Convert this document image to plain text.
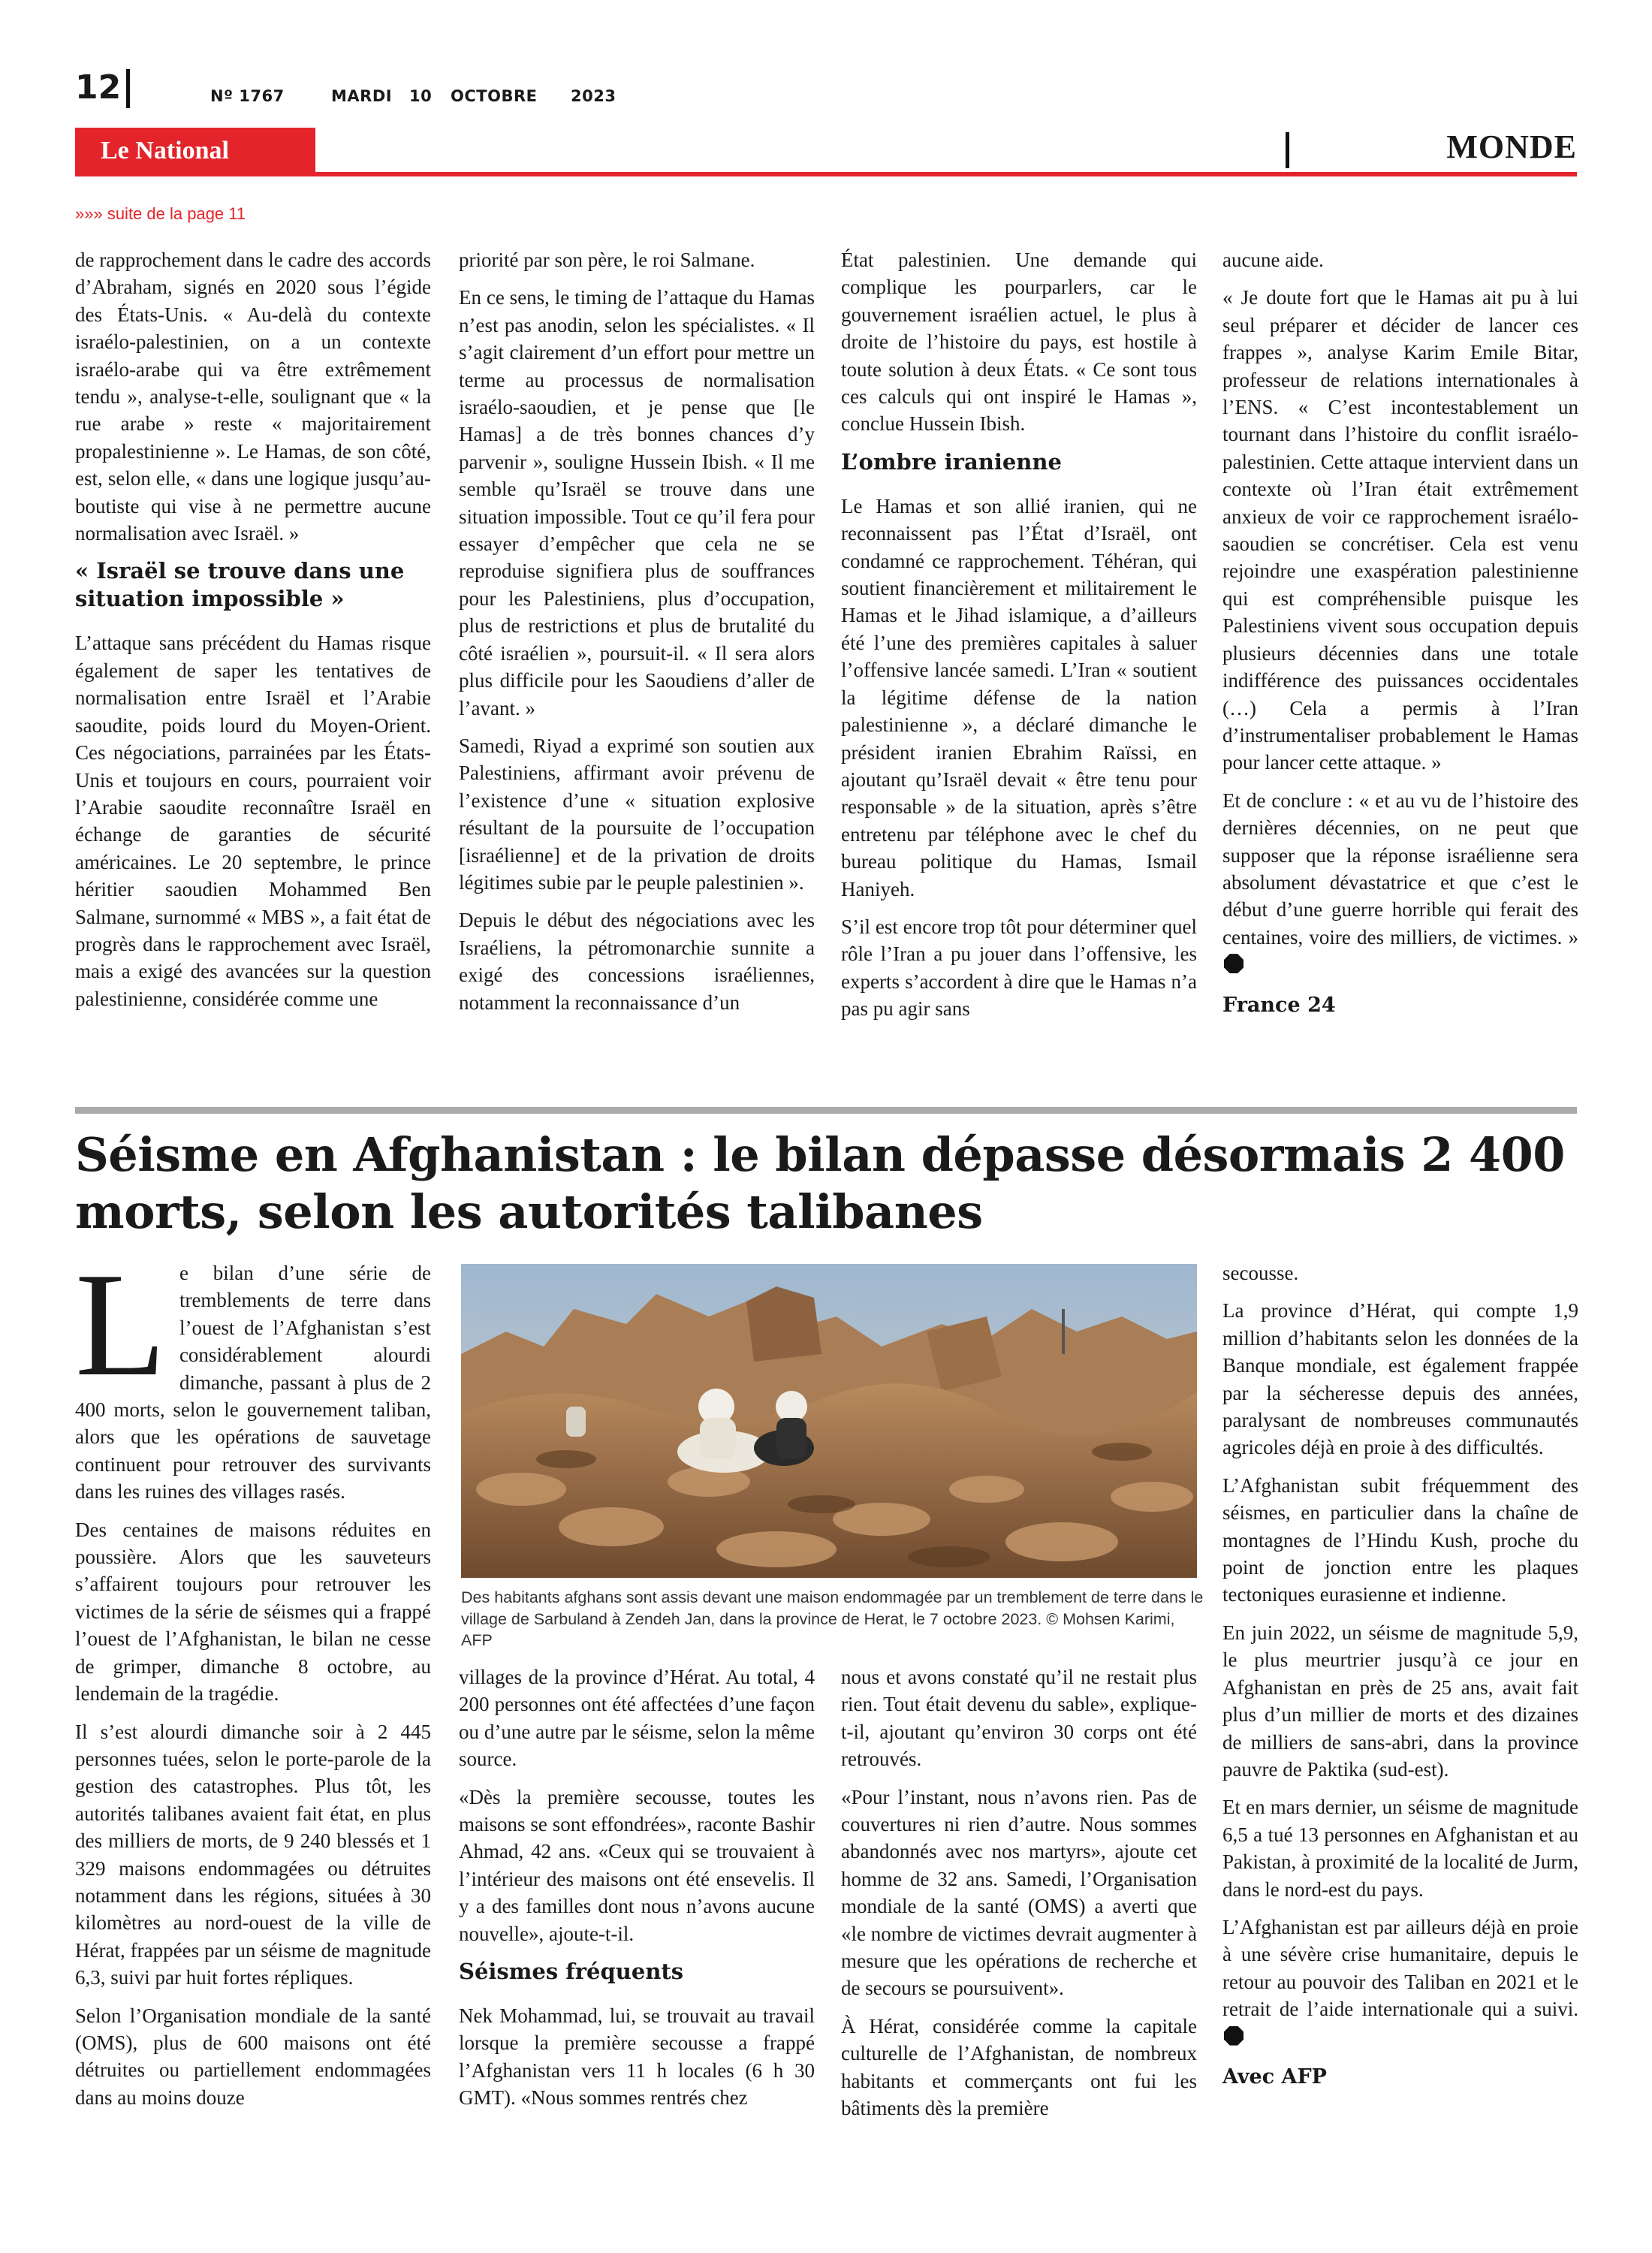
12	Nº 1767	MARDI 10 OCTOBRE 2023
Le National	MONDE
»»» suite de la page 11

de rapprochement dans le cadre des accords d’Abraham, signés en 2020 sous l’égide des États-Unis. « Au-delà du contexte israélo-palestinien, on a un contexte israélo-arabe qui va être extrêmement tendu », analyse-t-elle, soulignant que « la rue arabe » reste « majoritairement propalestinienne ». Le Hamas, de son côté, est, selon elle, « dans une logique jusqu’au-boutiste qui vise à ne permettre aucune normalisation avec Israël. »

« Israël se trouve dans une situation impossible »

L’attaque sans précédent du Hamas risque également de saper les tentatives de normalisation entre Israël et l’Arabie saoudite, poids lourd du Moyen-Orient. Ces négociations, parrainées par les États-Unis et toujours en cours, pourraient voir l’Arabie saoudite reconnaître Israël en échange de garanties de sécurité américaines. Le 20 septembre, le prince héritier saoudien Mohammed Ben Salmane, surnommé « MBS », a fait état de progrès dans le rapprochement avec Israël, mais a exigé des avancées sur la question palestinienne, considérée comme une

priorité par son père, le roi Salmane.

En ce sens, le timing de l’attaque du Hamas n’est pas anodin, selon les spécialistes. « Il s’agit clairement d’un effort pour mettre un terme au processus de normalisation israélo-saoudien, et je pense que [le Hamas] a de très bonnes chances d’y parvenir », souligne Hussein Ibish. « Il me semble qu’Israël se trouve dans une situation impossible. Tout ce qu’il fera pour essayer d’empêcher que cela ne se reproduise signifiera plus de souffrances pour les Palestiniens, plus d’occupation, plus de restrictions et plus de brutalité du côté israélien », poursuit-il. « Il sera alors plus difficile pour les Saoudiens d’aller de l’avant. »

Samedi, Riyad a exprimé son soutien aux Palestiniens, affirmant avoir prévenu de l’existence d’une « situation explosive résultant de la poursuite de l’occupation [israélienne] et de la privation de droits légitimes subie par le peuple palestinien ».

Depuis le début des négociations avec les Israéliens, la pétromonarchie sunnite a exigé des concessions israéliennes, notamment la reconnaissance d’un

État palestinien. Une demande qui complique les pourparlers, car le gouvernement israélien actuel, le plus à droite de l’histoire du pays, est hostile à toute solution à deux États. « Ce sont tous ces calculs qui ont inspiré le Hamas », conclue Hussein Ibish.

L’ombre iranienne

Le Hamas et son allié iranien, qui ne reconnaissent pas l’État d’Israël, ont condamné ce rapprochement. Téhéran, qui soutient financièrement et militairement le Hamas et le Jihad islamique, a d’ailleurs été l’une des premières capitales à saluer l’offensive lancée samedi. L’Iran « soutient la légitime défense de la nation palestinienne », a déclaré dimanche le président iranien Ebrahim Raïssi, en ajoutant qu’Israël devait « être tenu pour responsable » de la situation, après s’être entretenu par téléphone avec le chef du bureau politique du Hamas, Ismail Haniyeh.

S’il est encore trop tôt pour déterminer quel rôle l’Iran a pu jouer dans l’offensive, les experts s’accordent à dire que le Hamas n’a pas pu agir sans

aucune aide.

« Je doute fort que le Hamas ait pu à lui seul préparer et décider de lancer ces frappes », analyse Karim Emile Bitar, professeur de relations internationales à l’ENS. « C’est incontestablement un tournant dans l’histoire du conflit israélo-palestinien. Cette attaque intervient dans un contexte où l’Iran était extrêmement anxieux de voir ce rapprochement israélo-saoudien se concrétiser. Cela est venu rejoindre une exaspération palestinienne qui est compréhensible puisque les Palestiniens vivent sous occupation depuis plusieurs décennies dans une totale indifférence des puissances occidentales (…) Cela a permis à l’Iran d’instrumentaliser probablement le Hamas pour lancer cette attaque. »

Et de conclure : « et au vu de l’histoire des dernières décennies, on ne peut que supposer que la réponse israélienne sera absolument dévastatrice et que c’est le début d’une guerre horrible qui ferait des centaines, voire des milliers, de victimes. »

France 24
Séisme en Afghanistan : le bilan dépasse désormais 2 400 morts, selon les autorités talibanes

Le bilan d’une série de tremblements de terre dans l’ouest de l’Afghanistan s’est considérablement alourdi dimanche, passant à plus de 2 400 morts, selon le gouvernement taliban, alors que les opérations de sauvetage continuent pour retrouver des survivants dans les ruines des villages rasés.

Des centaines de maisons réduites en poussière. Alors que les sauveteurs s’affairent toujours pour retrouver les victimes de la série de séismes qui a frappé l’ouest de l’Afghanistan, le bilan ne cesse de grimper, dimanche 8 octobre, au lendemain de la tragédie.

Il s’est alourdi dimanche soir à 2 445 personnes tuées, selon le porte-parole de la gestion des catastrophes. Plus tôt, les autorités talibanes avaient fait état, en plus des milliers de morts, de 9 240 blessés et 1 329 maisons endommagées ou détruites notamment dans les régions, situées à 30 kilomètres au nord-ouest de la ville de Hérat, frappées par un séisme de magnitude 6,3, suivi par huit fortes répliques.

Selon l’Organisation mondiale de la santé (OMS), plus de 600 maisons ont été détruites ou partiellement endommagées dans au moins douze

Des habitants afghans sont assis devant une maison endommagée par un tremblement de terre dans le village de Sarbuland à Zendeh Jan, dans la province de Herat, le 7 octobre 2023. © Mohsen Karimi, AFP

villages de la province d’Hérat. Au total, 4 200 personnes ont été affectées d’une façon ou d’une autre par le séisme, selon la même source.

«Dès la première secousse, toutes les maisons se sont effondrées», raconte Bashir Ahmad, 42 ans. «Ceux qui se trouvaient à l’intérieur des maisons ont été ensevelis. Il y a des familles dont nous n’avons aucune nouvelle», ajoute-t-il.

Séismes fréquents

Nek Mohammad, lui, se trouvait au travail lorsque la première secousse a frappé l’Afghanistan vers 11 h locales (6 h 30 GMT). «Nous sommes rentrés chez

nous et avons constaté qu’il ne restait plus rien. Tout était devenu du sable», explique-t-il, ajoutant qu’environ 30 corps ont été retrouvés.

«Pour l’instant, nous n’avons rien. Pas de couvertures ni rien d’autre. Nous sommes abandonnés avec nos martyrs», ajoute cet homme de 32 ans. Samedi, l’Organisation mondiale de la santé (OMS) a averti que «le nombre de victimes devrait augmenter à mesure que les opérations de recherche et de secours se poursuivent».

À Hérat, considérée comme la capitale culturelle de l’Afghanistan, de nombreux habitants et commerçants ont fui les bâtiments dès la première

secousse.

La province d’Hérat, qui compte 1,9 million d’habitants selon les données de la Banque mondiale, est également frappée par la sécheresse depuis des années, paralysant de nombreuses communautés agricoles déjà en proie à des difficultés.

L’Afghanistan subit fréquemment des séismes, en particulier dans la chaîne de montagnes de l’Hindu Kush, proche du point de jonction entre les plaques tectoniques eurasienne et indienne.

En juin 2022, un séisme de magnitude 5,9, le plus meurtrier jusqu’à ce jour en Afghanistan en près de 25 ans, avait fait plus d’un millier de morts et des dizaines de milliers de sans-abri, dans la province pauvre de Paktika (sud-est).

Et en mars dernier, un séisme de magnitude 6,5 a tué 13 personnes en Afghanistan et au Pakistan, à proximité de la localité de Jurm, dans le nord-est du pays.

L’Afghanistan est par ailleurs déjà en proie à une sévère crise humanitaire, depuis le retour au pouvoir des Taliban en 2021 et le retrait de l’aide internationale qui a suivi.

Avec AFP
